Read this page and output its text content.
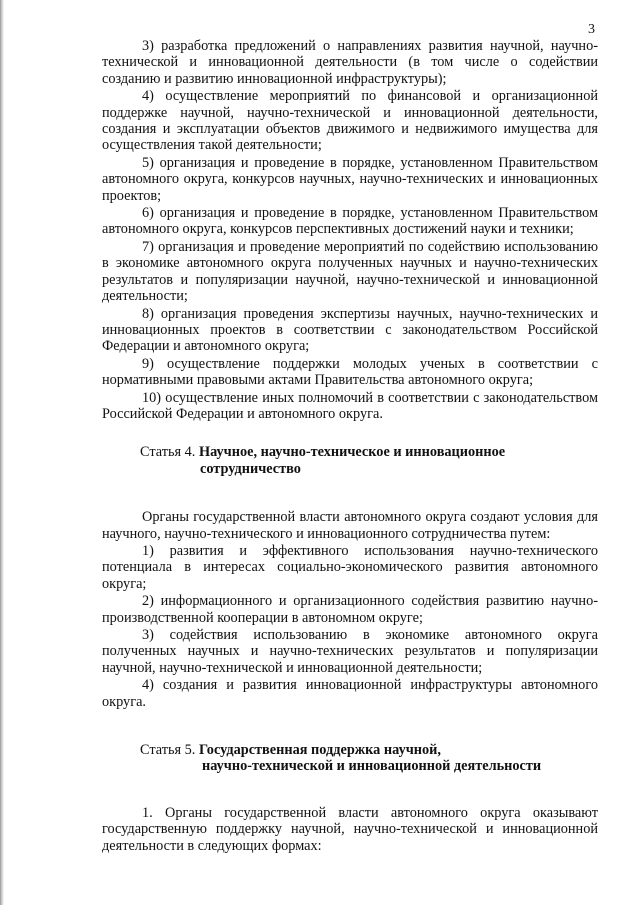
3

3) разработка предложений о направлениях развития научной, научно-технической и инновационной деятельности (в том числе о содействии созданию и развитию инновационной инфраструктуры);

4) осуществление мероприятий по финансовой и организационной поддержке научной, научно-технической и инновационной деятельности, создания и эксплуатации объектов движимого и недвижимого имущества для осуществления такой деятельности;

5) организация и проведение в порядке, установленном Правительством автономного округа, конкурсов научных, научно-технических и инновационных проектов;

6) организация и проведение в порядке, установленном Правительством автономного округа, конкурсов перспективных достижений науки и техники;

7) организация и проведение мероприятий по содействию использованию в экономике автономного округа полученных научных и научно-технических результатов и популяризации научной, научно-технической и инновационной деятельности;

8) организация проведения экспертизы научных, научно-технических и инновационных проектов в соответствии с законодательством Российской Федерации и автономного округа;

9) осуществление поддержки молодых ученых в соответствии с нормативными правовыми актами Правительства автономного округа;

10) осуществление иных полномочий в соответствии с законодательством Российской Федерации и автономного округа.

Статья 4. Научное, научно-техническое и инновационное
сотрудничество

Органы государственной власти автономного округа создают условия для научного, научно-технического и инновационного сотрудничества путем:

1) развития и эффективного использования научно-технического потенциала в интересах социально-экономического развития автономного округа;

2) информационного и организационного содействия развитию научно-производственной кооперации в автономном округе;

3) содействия использованию в экономике автономного округа полученных научных и научно-технических результатов и популяризации научной, научно-технической и инновационной деятельности;

4) создания и развития инновационной инфраструктуры автономного округа.

Статья 5. Государственная поддержка научной,
научно-технической и инновационной деятельности

1. Органы государственной власти автономного округа оказывают государственную поддержку научной, научно-технической и инновационной деятельности в следующих формах:
